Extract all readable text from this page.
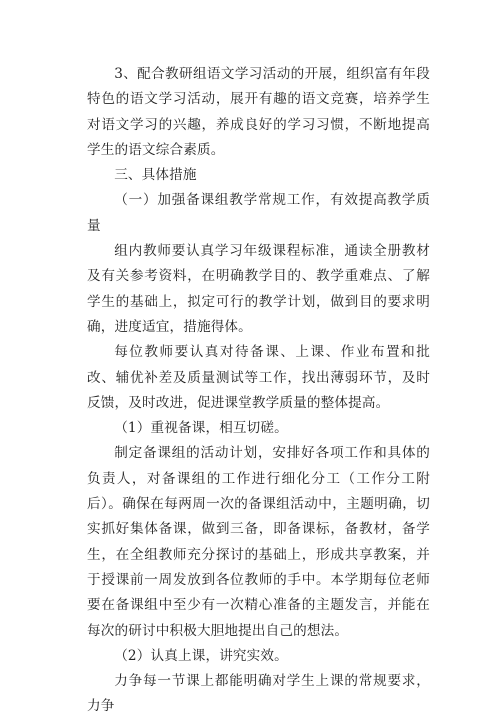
3、配合教研组语文学习活动的开展，组织富有年段特色的语文学习活动，展开有趣的语文竞赛，培养学生对语文学习的兴趣，养成良好的学习习惯，不断地提高学生的语文综合素质。

三、具体措施

（一）加强备课组教学常规工作，有效提高教学质量

组内教师要认真学习年级课程标准，通读全册教材及有关参考资料，在明确教学目的、教学重难点、了解学生的基础上，拟定可行的教学计划，做到目的要求明确，进度适宜，措施得体。

每位教师要认真对待备课、上课、作业布置和批改、辅优补差及质量测试等工作，找出薄弱环节，及时反馈，及时改进，促进课堂教学质量的整体提高。

（1）重视备课，相互切磋。

制定备课组的活动计划，安排好各项工作和具体的负责人，对备课组的工作进行细化分工（工作分工附后）。确保在每两周一次的备课组活动中，主题明确，切实抓好集体备课，做到三备，即备课标，备教材，备学生，在全组教师充分探讨的基础上，形成共享教案，并于授课前一周发放到各位教师的手中。本学期每位老师要在备课组中至少有一次精心准备的主题发言，并能在每次的研讨中积极大胆地提出自己的想法。

（2）认真上课，讲究实效。

力争每一节课上都能明确对学生上课的常规要求，力争
